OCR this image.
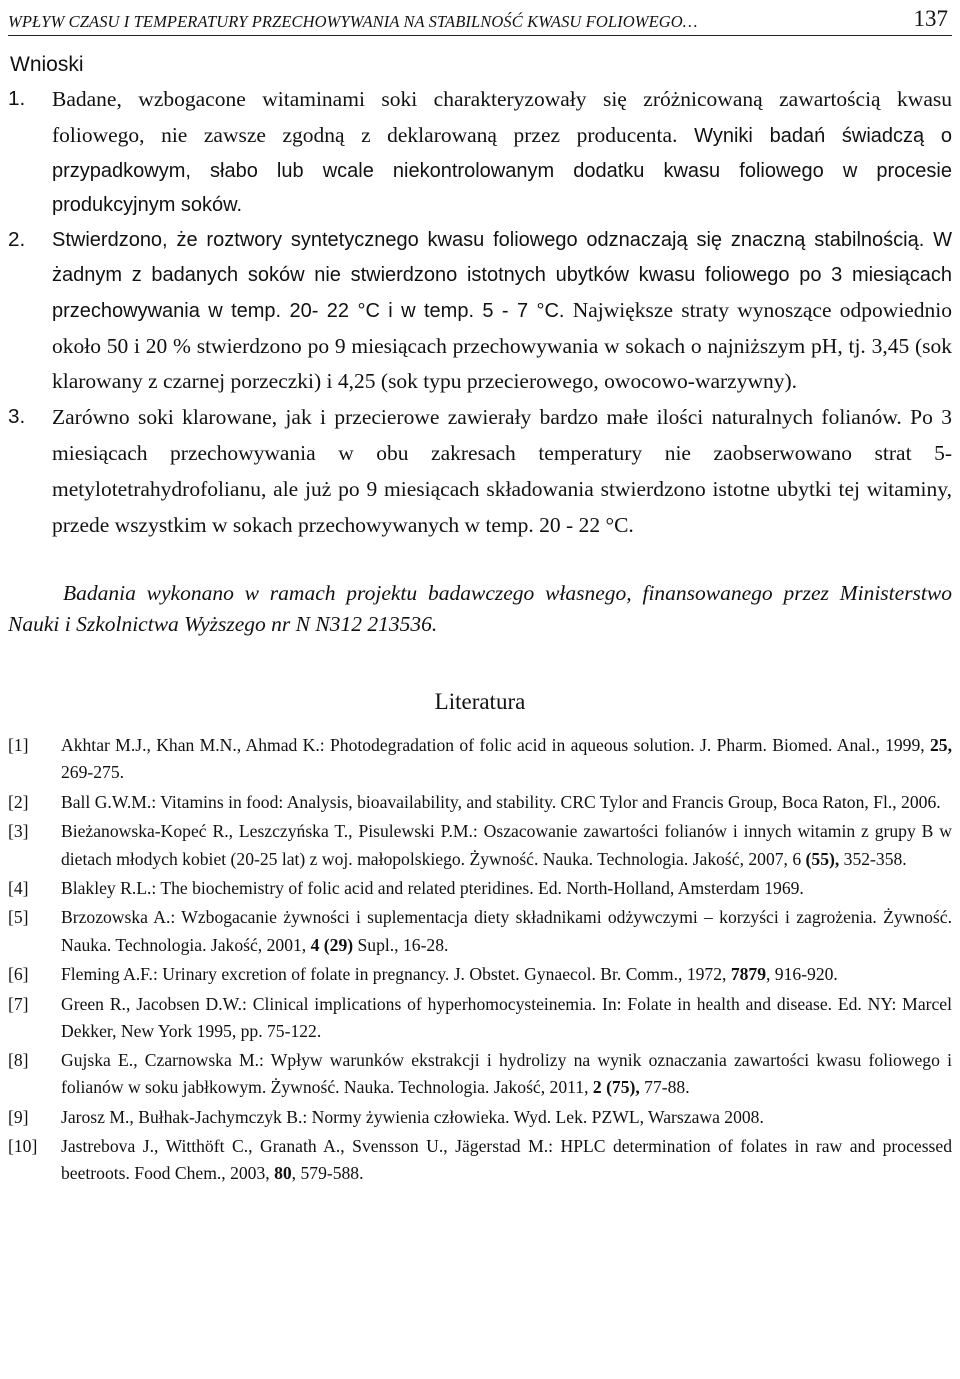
WPŁYW CZASU I TEMPERATURY PRZECHOWYWANIA NA STABILNOŚĆ KWASU FOLIOWEGO…	137
Wnioski
1.	Badane, wzbogacone witaminami soki charakteryzowały się zróżnicowaną zawartością kwasu foliowego, nie zawsze zgodną z deklarowaną przez producenta. Wyniki badań świadczą o przypadkowym, słabo lub wcale niekontrolowanym dodatku kwasu foliowego w procesie produkcyjnym soków.
2.	Stwierdzono, że roztwory syntetycznego kwasu foliowego odznaczają się znaczną stabilnością. W żadnym z badanych soków nie stwierdzono istotnych ubytków kwasu foliowego po 3 miesiącach przechowywania w temp. 20- 22 °C i w temp. 5 - 7 °C. Największe straty wynoszące odpowiednio około 50 i 20 % stwierdzono po 9 miesiącach przechowywania w sokach o najniższym pH, tj. 3,45 (sok klarowany z czarnej porzeczki) i 4,25 (sok typu przecierowego, owocowo-warzywny).
3.	Zarówno soki klarowane, jak i przecierowe zawierały bardzo małe ilości naturalnych folianów. Po 3 miesiącach przechowywania w obu zakresach temperatury nie zaobserwowano strat 5-metylotetrahydrofolianu, ale już po 9 miesiącach składowania stwierdzono istotne ubytki tej witaminy, przede wszystkim w sokach przechowywanych w temp. 20 - 22 °C.

Badania wykonano w ramach projektu badawczego własnego, finansowanego przez Ministerstwo Nauki i Szkolnictwa Wyższego nr N N312 213536.

Literatura
[1]	Akhtar M.J., Khan M.N., Ahmad K.: Photodegradation of folic acid in aqueous solution. J. Pharm. Biomed. Anal., 1999, 25, 269-275.
[2]	Ball G.W.M.: Vitamins in food: Analysis, bioavailability, and stability. CRC Tylor and Francis Group, Boca Raton, Fl., 2006.
[3]	Bieżanowska-Kopeć R., Leszczyńska T., Pisulewski P.M.: Oszacowanie zawartości folianów i innych witamin z grupy B w dietach młodych kobiet (20-25 lat) z woj. małopolskiego. Żywność. Nauka. Technologia. Jakość, 2007, 6 (55), 352-358.
[4]	Blakley R.L.: The biochemistry of folic acid and related pteridines. Ed. North-Holland, Amsterdam 1969.
[5]	Brzozowska A.: Wzbogacanie żywności i suplementacja diety składnikami odżywczymi – korzyści i zagrożenia. Żywność. Nauka. Technologia. Jakość, 2001, 4 (29) Supl., 16-28.
[6]	Fleming A.F.: Urinary excretion of folate in pregnancy. J. Obstet. Gynaecol. Br. Comm., 1972, 7879, 916-920.
[7]	Green R., Jacobsen D.W.: Clinical implications of hyperhomocysteinemia. In: Folate in health and disease. Ed. NY: Marcel Dekker, New York 1995, pp. 75-122.
[8]	Gujska E., Czarnowska M.: Wpływ warunków ekstrakcji i hydrolizy na wynik oznaczania zawartości kwasu foliowego i folianów w soku jabłkowym. Żywność. Nauka. Technologia. Jakość, 2011, 2 (75), 77-88.
[9]	Jarosz M., Bułhak-Jachymczyk B.: Normy żywienia człowieka. Wyd. Lek. PZWL, Warszawa 2008.
[10]	Jastrebova J., Witthöft C., Granath A., Svensson U., Jägerstad M.: HPLC determination of folates in raw and processed beetroots. Food Chem., 2003, 80, 579-588.
